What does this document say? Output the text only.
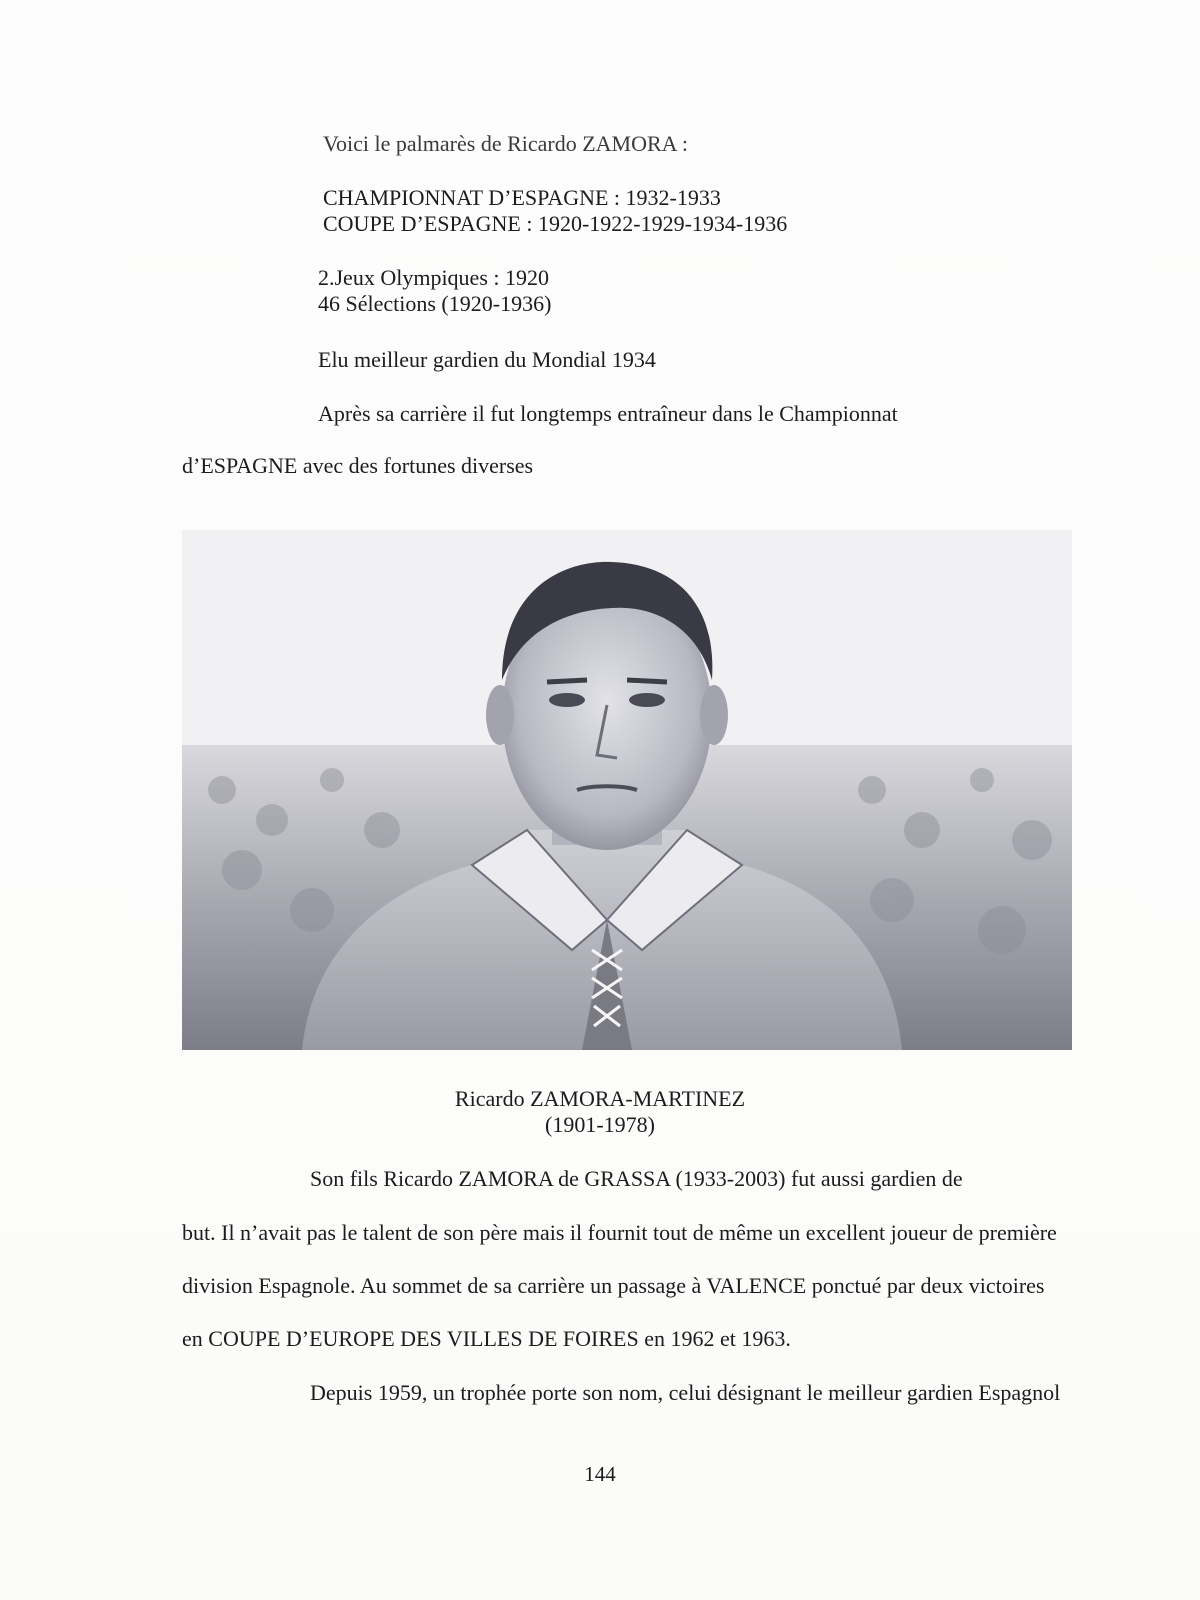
Voici le palmarès de Ricardo ZAMORA :
CHAMPIONNAT D’ESPAGNE : 1932-1933
COUPE D’ESPAGNE : 1920-1922-1929-1934-1936
2.Jeux Olympiques : 1920
46 Sélections (1920-1936)
Elu meilleur gardien du Mondial 1934
Après sa carrière il fut longtemps entraîneur dans le Championnat
d’ESPAGNE avec des fortunes diverses
Ricardo ZAMORA-MARTINEZ
(1901-1978)
Son fils Ricardo ZAMORA de GRASSA (1933-2003) fut aussi gardien de
but. Il n’avait pas le talent de son père mais il fournit tout de même un excellent joueur de première
division Espagnole. Au sommet de sa carrière un passage à VALENCE ponctué par deux victoires
en COUPE D’EUROPE DES VILLES DE FOIRES en 1962 et 1963.
Depuis 1959, un trophée porte son nom, celui désignant le meilleur gardien Espagnol
144
